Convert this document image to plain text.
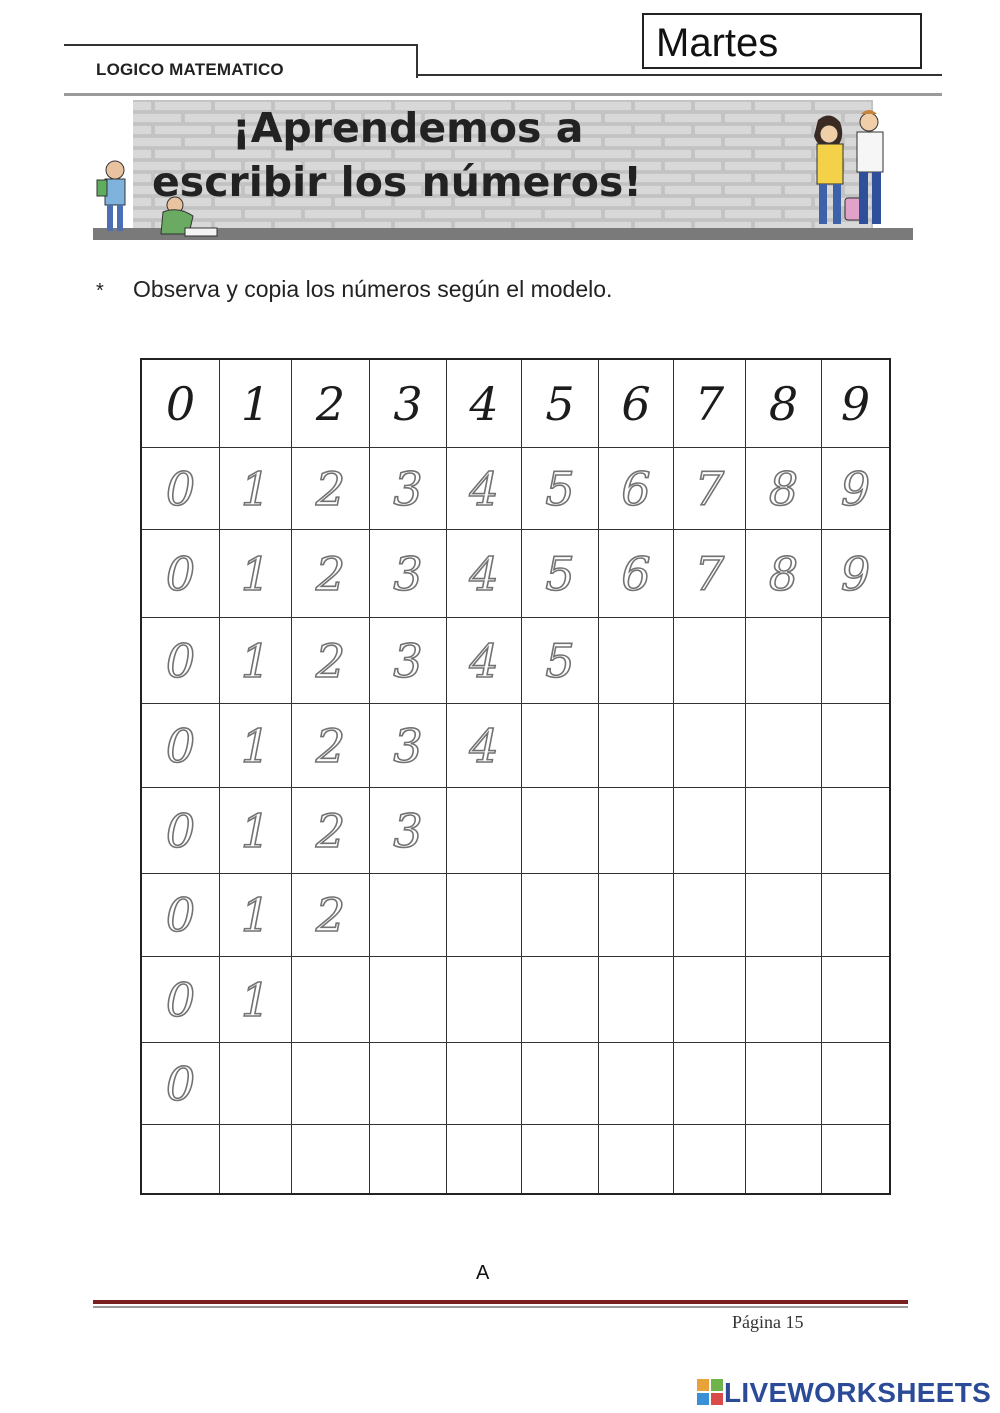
LOGICO MATEMATICO
Martes
¡Aprendemos a
escribir los números!
* Observa y copia los números según el modelo.
0 1 2 3 4 5 6 7 8 9
0 1 2 3 4 5 6 7 8 9
0 1 2 3 4 5 6 7 8 9
0 1 2 3 4 5
0 1 2 3 4
0 1 2 3
0 1 2
0 1
0
A
Página 15
LIVEWORKSHEETS
